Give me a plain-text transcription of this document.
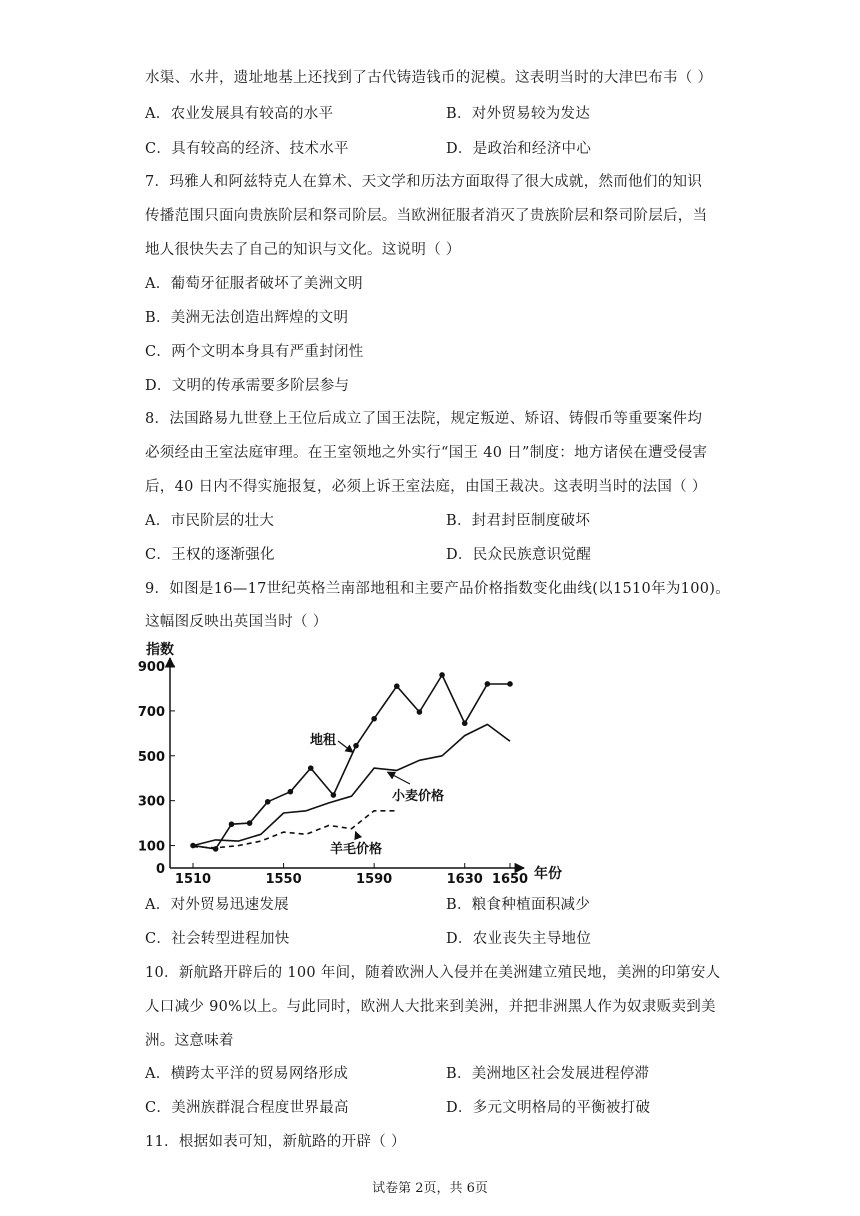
水渠、水井，遗址地基上还找到了古代铸造钱币的泥模。这表明当时的大津巴布韦（ ）
A．农业发展具有较高的水平	B．对外贸易较为发达
C．具有较高的经济、技术水平	D．是政治和经济中心
7．玛雅人和阿兹特克人在算术、天文学和历法方面取得了很大成就，然而他们的知识
传播范围只面向贵族阶层和祭司阶层。当欧洲征服者消灭了贵族阶层和祭司阶层后，当
地人很快失去了自己的知识与文化。这说明（ ）
A．葡萄牙征服者破坏了美洲文明
B．美洲无法创造出辉煌的文明
C．两个文明本身具有严重封闭性
D．文明的传承需要多阶层参与
8．法国路易九世登上王位后成立了国王法院，规定叛逆、矫诏、铸假币等重要案件均
必须经由王室法庭审理。在王室领地之外实行“国王 40 日”制度：地方诸侯在遭受侵害
后，40 日内不得实施报复，必须上诉王室法庭，由国王裁决。这表明当时的法国（ ）
A．市民阶层的壮大	B．封君封臣制度破坏
C．王权的逐渐强化	D．民众民族意识觉醒
9．如图是16—17世纪英格兰南部地租和主要产品价格指数变化曲线(以1510年为100)。
这幅图反映出英国当时（ ）
0
100
300
500
700
900
1510	1550	1590	1630 1650
地租
小麦价格
羊毛价格
指数
年份
A．对外贸易迅速发展	B．粮食种植面积减少
C．社会转型进程加快	D．农业丧失主导地位
10．新航路开辟后的 100 年间，随着欧洲人入侵并在美洲建立殖民地，美洲的印第安人
人口减少 90%以上。与此同时，欧洲人大批来到美洲，并把非洲黑人作为奴隶贩卖到美
洲。这意味着
A．横跨太平洋的贸易网络形成	B．美洲地区社会发展进程停滞
C．美洲族群混合程度世界最高	D．多元文明格局的平衡被打破
11．根据如表可知，新航路的开辟（ ）
试卷第 2页，共 6页
